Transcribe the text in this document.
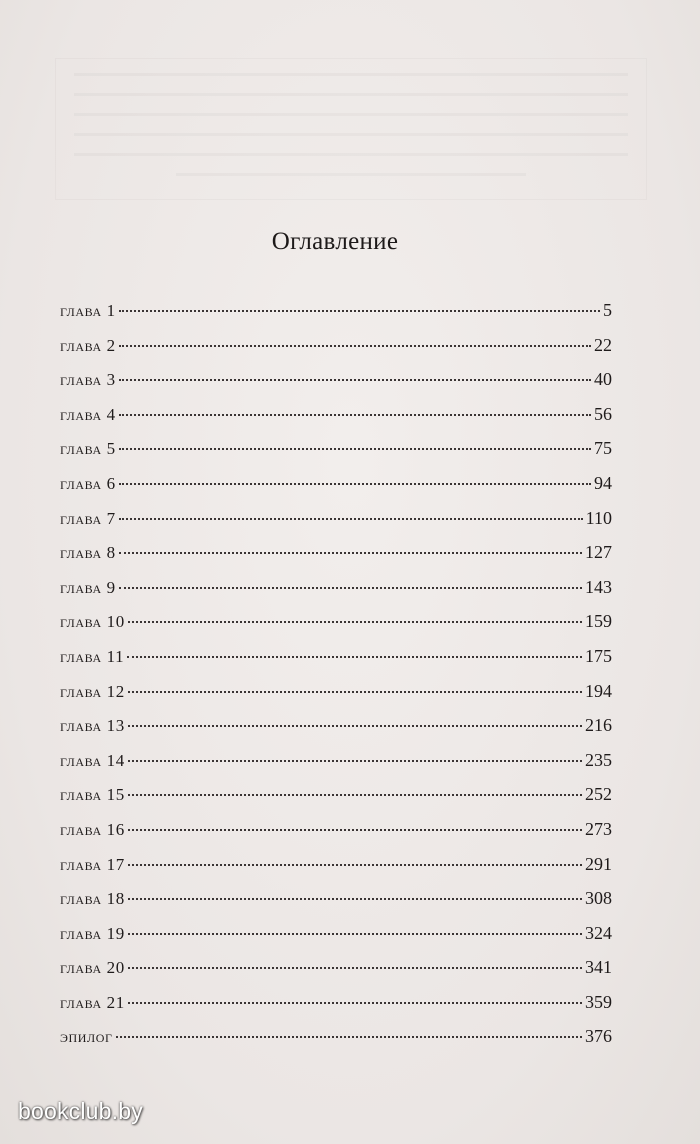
Оглавление
глава 1	5
глава 2	22
глава 3	40
глава 4	56
глава 5	75
глава 6	94
глава 7	110
глава 8	127
глава 9	143
глава 10	159
глава 11	175
глава 12	194
глава 13	216
глава 14	235
глава 15	252
глава 16	273
глава 17	291
глава 18	308
глава 19	324
глава 20	341
глава 21	359
эпилог	376
bookclub.by
